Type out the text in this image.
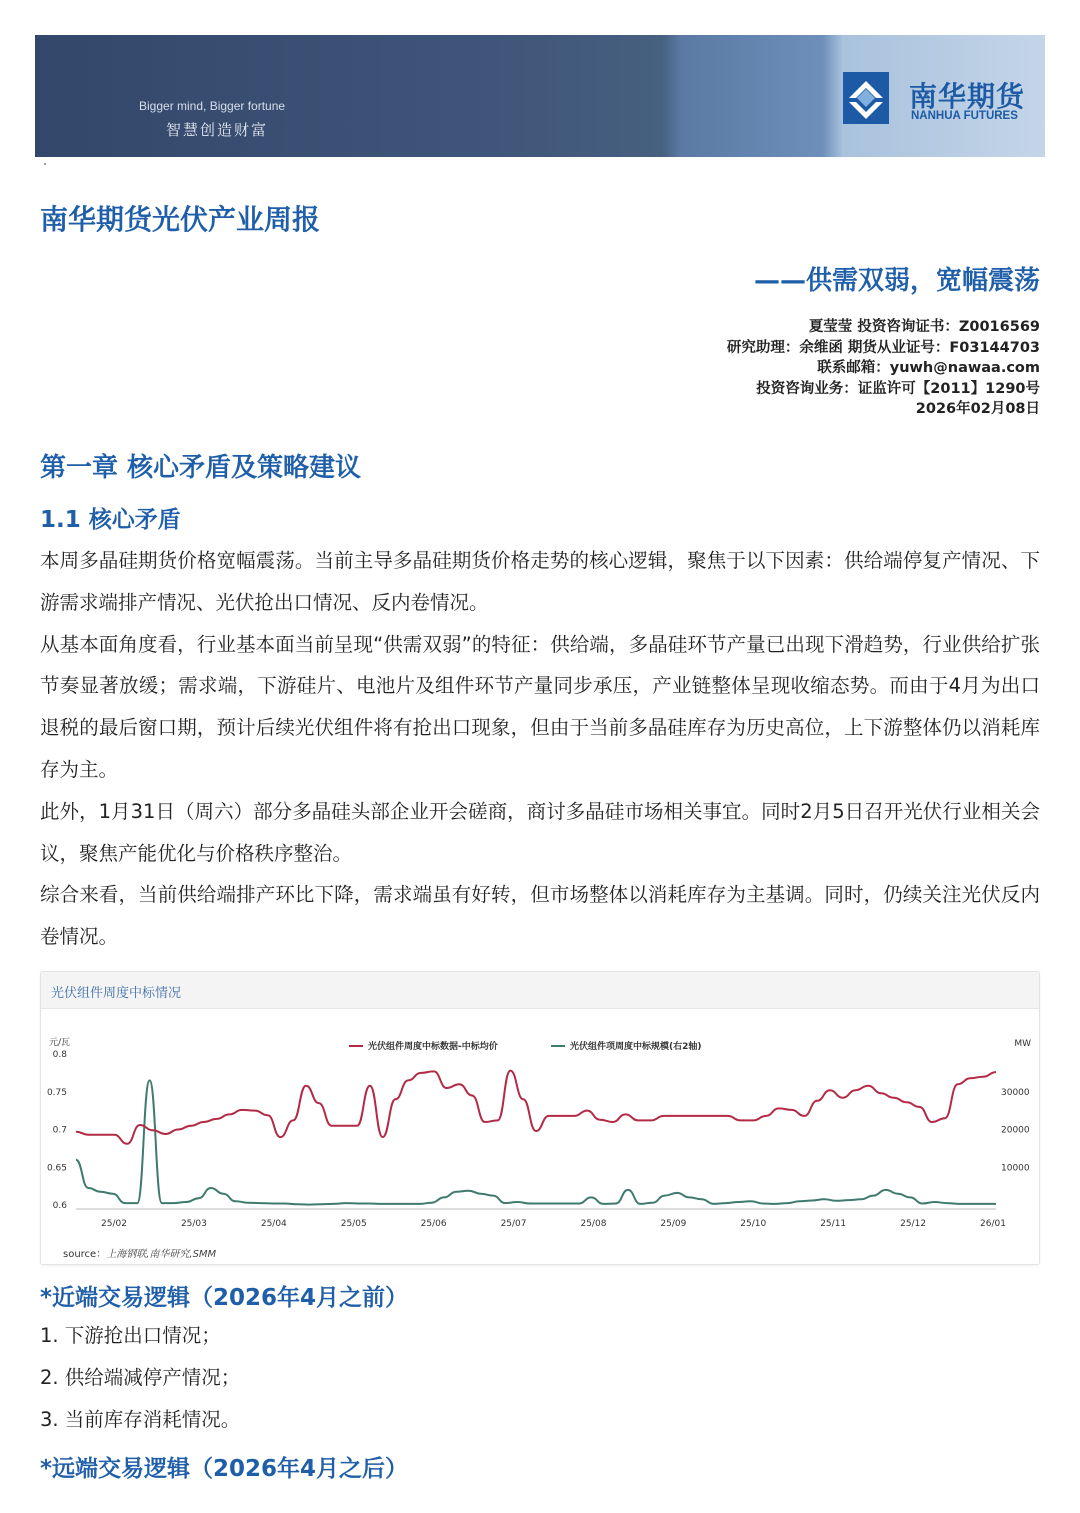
Bigger mind, Bigger fortune
智慧创造财富
南华期货
NANHUA FUTURES
南华期货光伏产业周报
——供需双弱，宽幅震荡
夏莹莹 投资咨询证书：Z0016569
研究助理：余维函 期货从业证号：F03144703
联系邮箱：yuwh@nawaa.com
投资咨询业务：证监许可【2011】1290号
2026年02月08日
第一章 核心矛盾及策略建议
1.1 核心矛盾

本周多晶硅期货价格宽幅震荡。当前主导多晶硅期货价格走势的核心逻辑，聚焦于以下因素：供给端停复产情况、下游需求端排产情况、光伏抢出口情况、反内卷情况。

从基本面角度看，行业基本面当前呈现“供需双弱”的特征：供给端，多晶硅环节产量已出现下滑趋势，行业供给扩张节奏显著放缓；需求端，下游硅片、电池片及组件环节产量同步承压，产业链整体呈现收缩态势。而由于4月为出口退税的最后窗口期，预计后续光伏组件将有抢出口现象，但由于当前多晶硅库存为历史高位，上下游整体仍以消耗库存为主。

此外，1月31日（周六）部分多晶硅头部企业开会磋商，商讨多晶硅市场相关事宜。同时2月5日召开光伏行业相关会议，聚焦产能优化与价格秩序整治。

综合来看，当前供给端排产环比下降，需求端虽有好转，但市场整体以消耗库存为主基调。同时，仍续关注光伏反内卷情况。

光伏组件周度中标情况
元/瓦	MW
光伏组件周度中标数据-中标均价	光伏组件项周度中标规模(右2轴)
0.6
0.65
0.7
0.75
0.8
10000
20000
30000
25/02	25/03	25/04	25/05	25/06	25/07	25/08	25/09	25/10	25/11	25/12	26/01
source：上海钢联,南华研究,SMM
*近端交易逻辑（2026年4月之前）
1. 下游抢出口情况；
2. 供给端减停产情况；
3. 当前库存消耗情况。
*远端交易逻辑（2026年4月之后）
